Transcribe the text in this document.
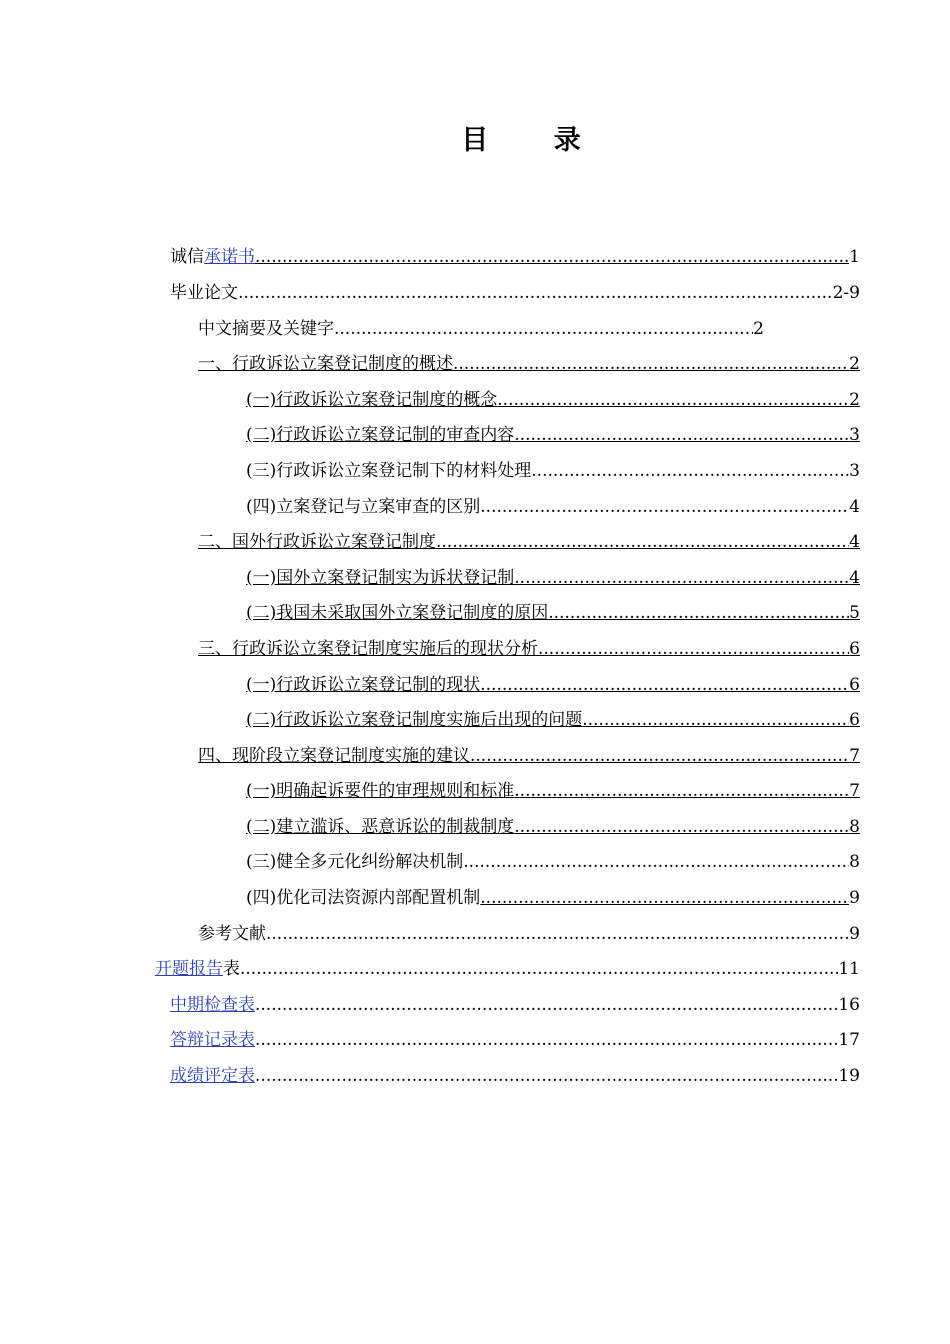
目 录
诚信承诺书 .....	1
毕业论文 .....	2-9
中文摘要及关键字 .....	2
一、行政诉讼立案登记制度的概述 .....	2
(一)行政诉讼立案登记制度的概念 .....	2
(二)行政诉讼立案登记制的审查内容 .....	3
(三)行政诉讼立案登记制下的材料处理 .....	3
(四)立案登记与立案审查的区别 .....	4
二、国外行政诉讼立案登记制度 .....	4
(一)国外立案登记制实为诉状登记制 .....	4
(二)我国未采取国外立案登记制度的原因 .....	5
三、行政诉讼立案登记制度实施后的现状分析 .....	6
(一)行政诉讼立案登记制的现状 .....	6
(二)行政诉讼立案登记制度实施后出现的问题 .....	6
四、现阶段立案登记制度实施的建议 .....	7
(一)明确起诉要件的审理规则和标准 .....	7
(二)建立滥诉、恶意诉讼的制裁制度 .....	8
(三)健全多元化纠纷解决机制 .....	8
(四)优化司法资源内部配置机制 .....	9
参考文献 .....	9
开题报告表 .....	11
中期检查表 .....	16
答辩记录表 .....	17
成绩评定表 .....	19
